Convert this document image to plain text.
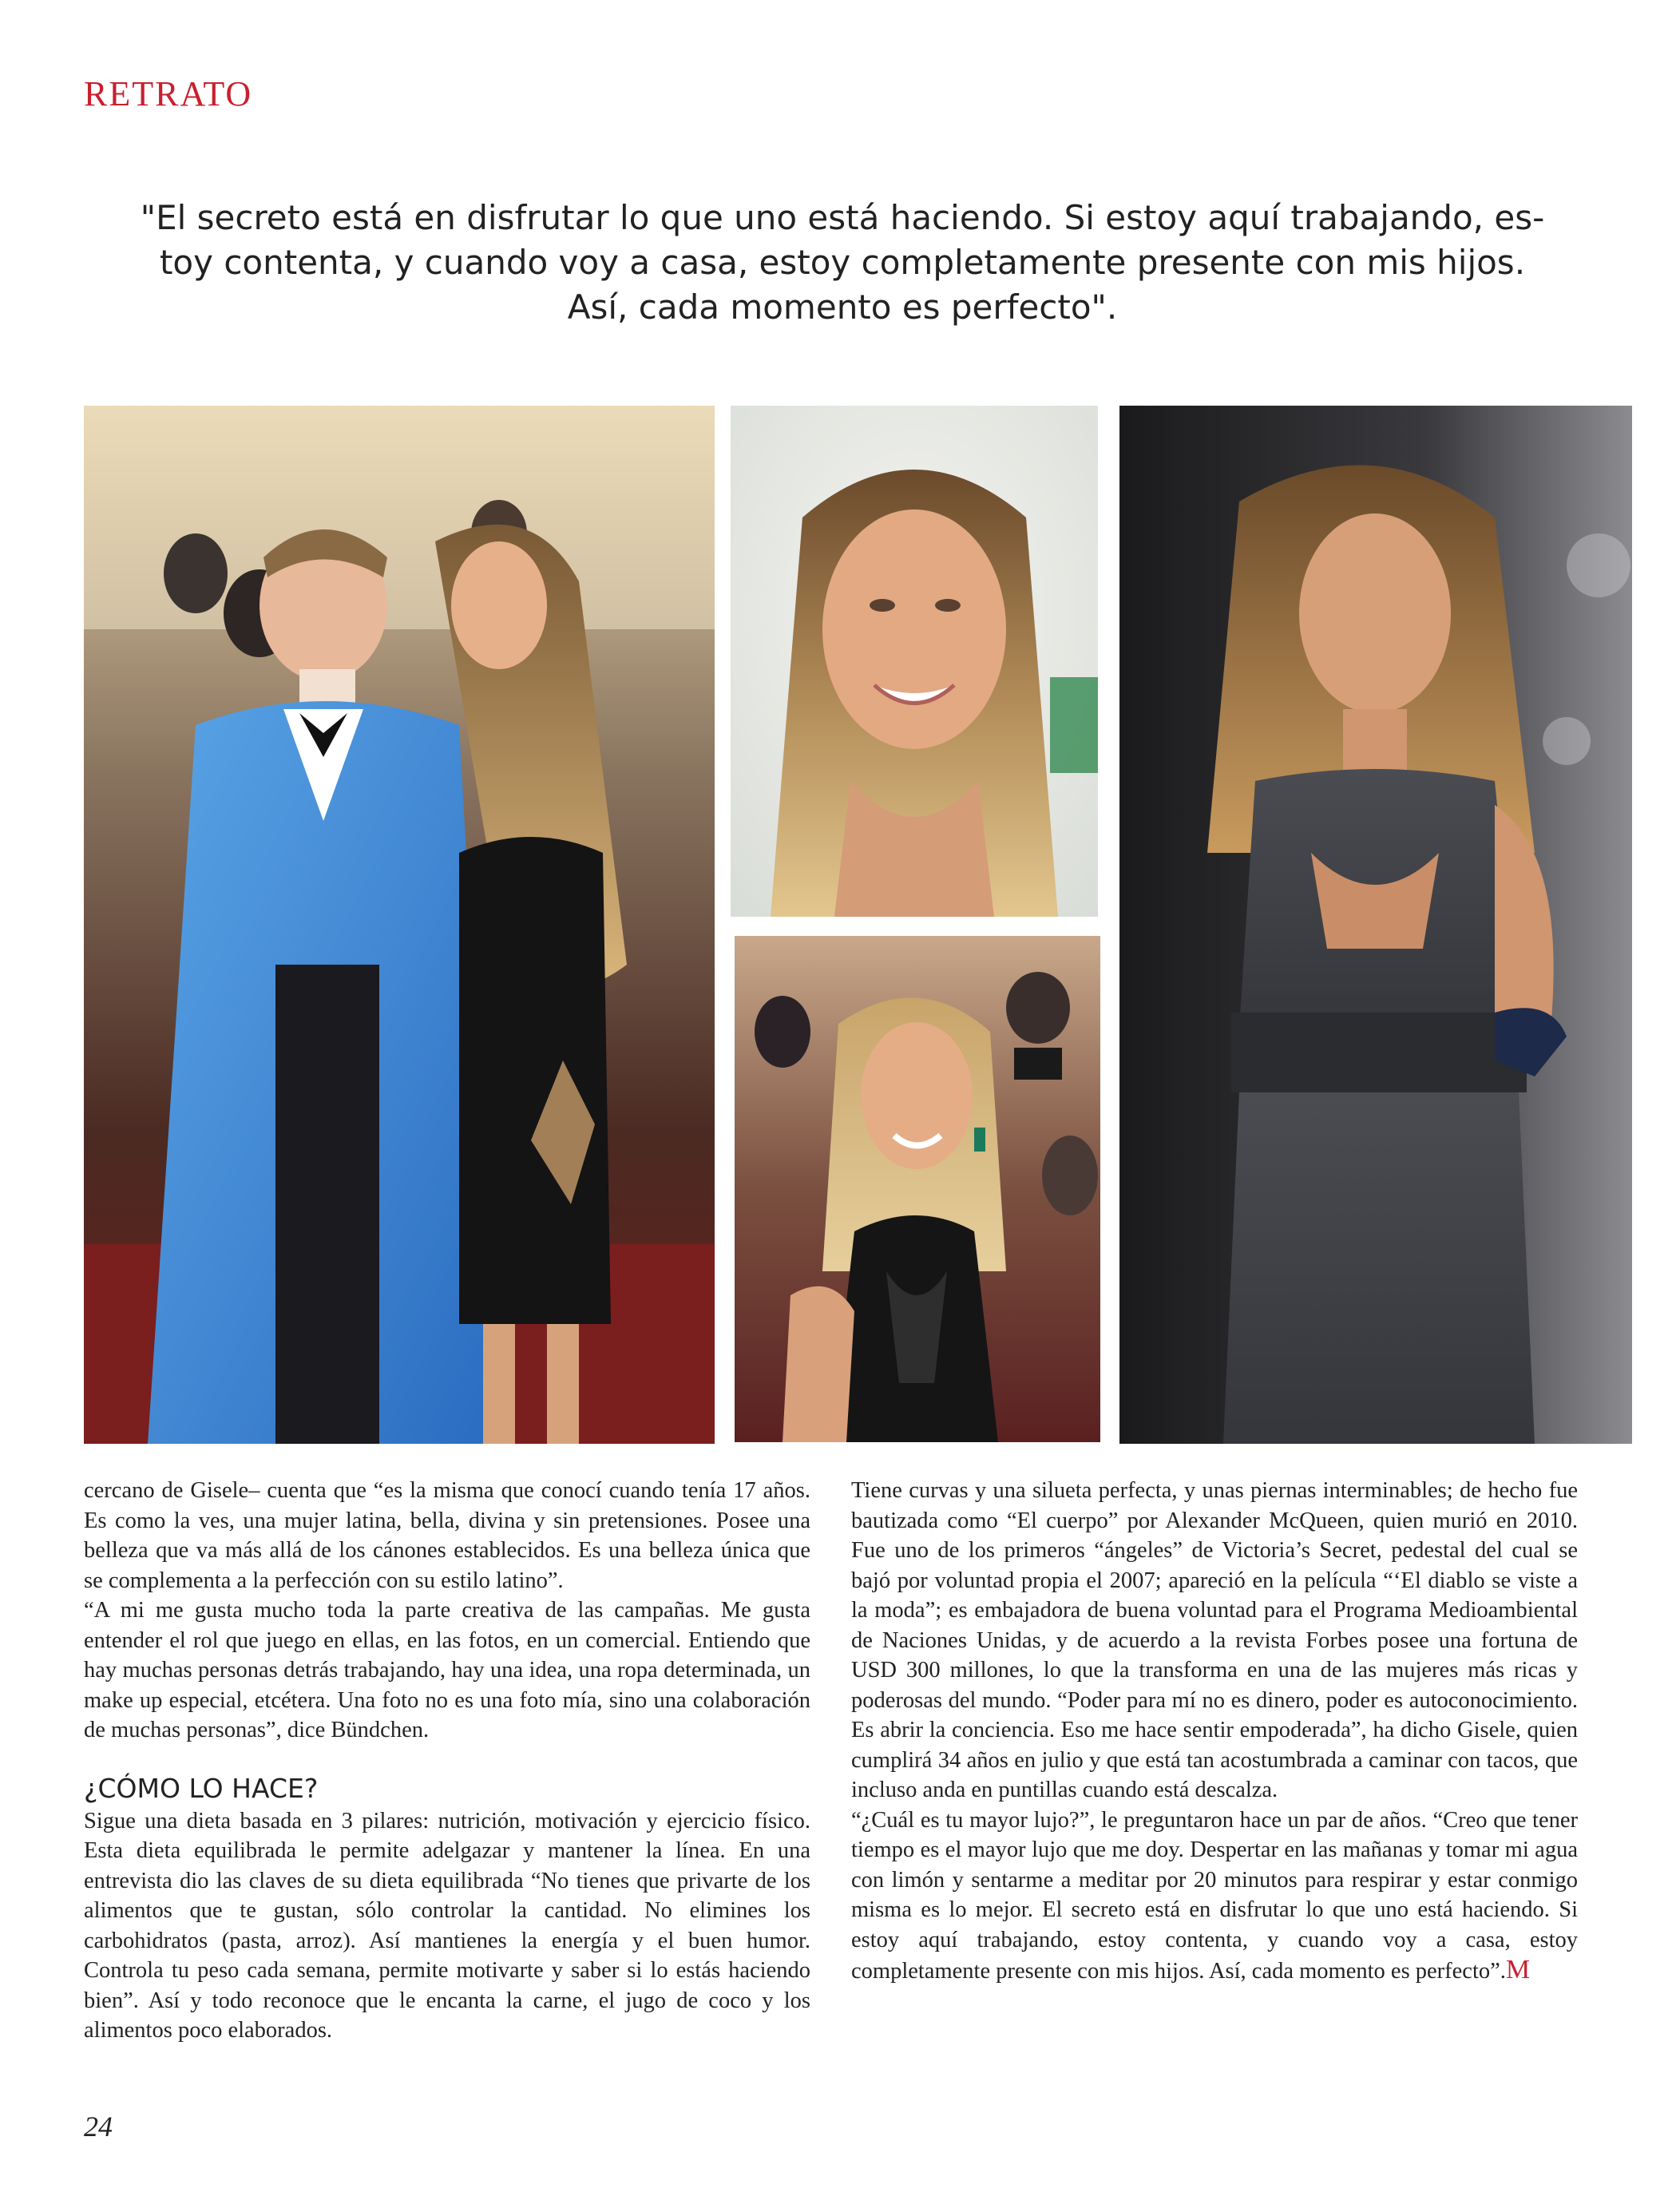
RETRATO
"El secreto está en disfrutar lo que uno está haciendo. Si estoy aquí trabajando, es-
toy contenta, y cuando voy a casa, estoy completamente presente con mis hijos.
Así, cada momento es perfecto".

cercano de Gisele– cuenta que “es la misma que conocí cuando tenía 17 años. Es como la ves, una mujer latina, bella, divina y sin pretensiones. Posee una belleza que va más allá de los cánones establecidos. Es una belleza única que se complementa a la perfección con su estilo latino”.

“A mi me gusta mucho toda la parte creativa de las campañas. Me gusta entender el rol que juego en ellas, en las fotos, en un comercial. Entiendo que hay muchas personas detrás trabajando, hay una idea, una ropa determinada, un make up especial, etcétera. Una foto no es una foto mía, sino una colaboración de muchas personas”, dice Bündchen.

¿CÓMO LO HACE?

Sigue una dieta basada en 3 pilares: nutrición, motivación y ejercicio físico. Esta dieta equilibrada le permite adelgazar y mantener la línea. En una entrevista dio las claves de su dieta equilibrada “No tienes que privarte de los alimentos que te gustan, sólo controlar la cantidad. No elimines los carbohidratos (pasta, arroz). Así mantienes la energía y el buen humor. Controla tu peso cada semana, permite motivarte y saber si lo estás haciendo bien”. Así y todo reconoce que le encanta la carne, el jugo de coco y los alimentos poco elaborados.

Tiene curvas y una silueta perfecta, y unas piernas interminables; de hecho fue bautizada como “El cuerpo” por Alexander McQueen, quien murió en 2010. Fue uno de los primeros “ángeles” de Victoria’s Secret, pedestal del cual se bajó por voluntad propia el 2007; apareció en la película “‘El diablo se viste a la moda”; es embajadora de buena voluntad para el Programa Medioambiental de Naciones Unidas, y de acuerdo a la revista Forbes posee una fortuna de USD 300 millones, lo que la transforma en una de las mujeres más ricas y poderosas del mundo. “Poder para mí no es dinero, poder es autoconocimiento. Es abrir la conciencia. Eso me hace sentir empoderada”, ha dicho Gisele, quien cumplirá 34 años en julio y que está tan acostumbrada a caminar con tacos, que incluso anda en puntillas cuando está descalza.

“¿Cuál es tu mayor lujo?”, le preguntaron hace un par de años. “Creo que tener tiempo es el mayor lujo que me doy. Despertar en las mañanas y tomar mi agua con limón y sentarme a meditar por 20 minutos para respirar y estar conmigo misma es lo mejor. El secreto está en disfrutar lo que uno está haciendo. Si estoy aquí trabajando, estoy contenta, y cuando voy a casa, estoy completamente presente con mis hijos. Así, cada momento es perfecto”.M

24
